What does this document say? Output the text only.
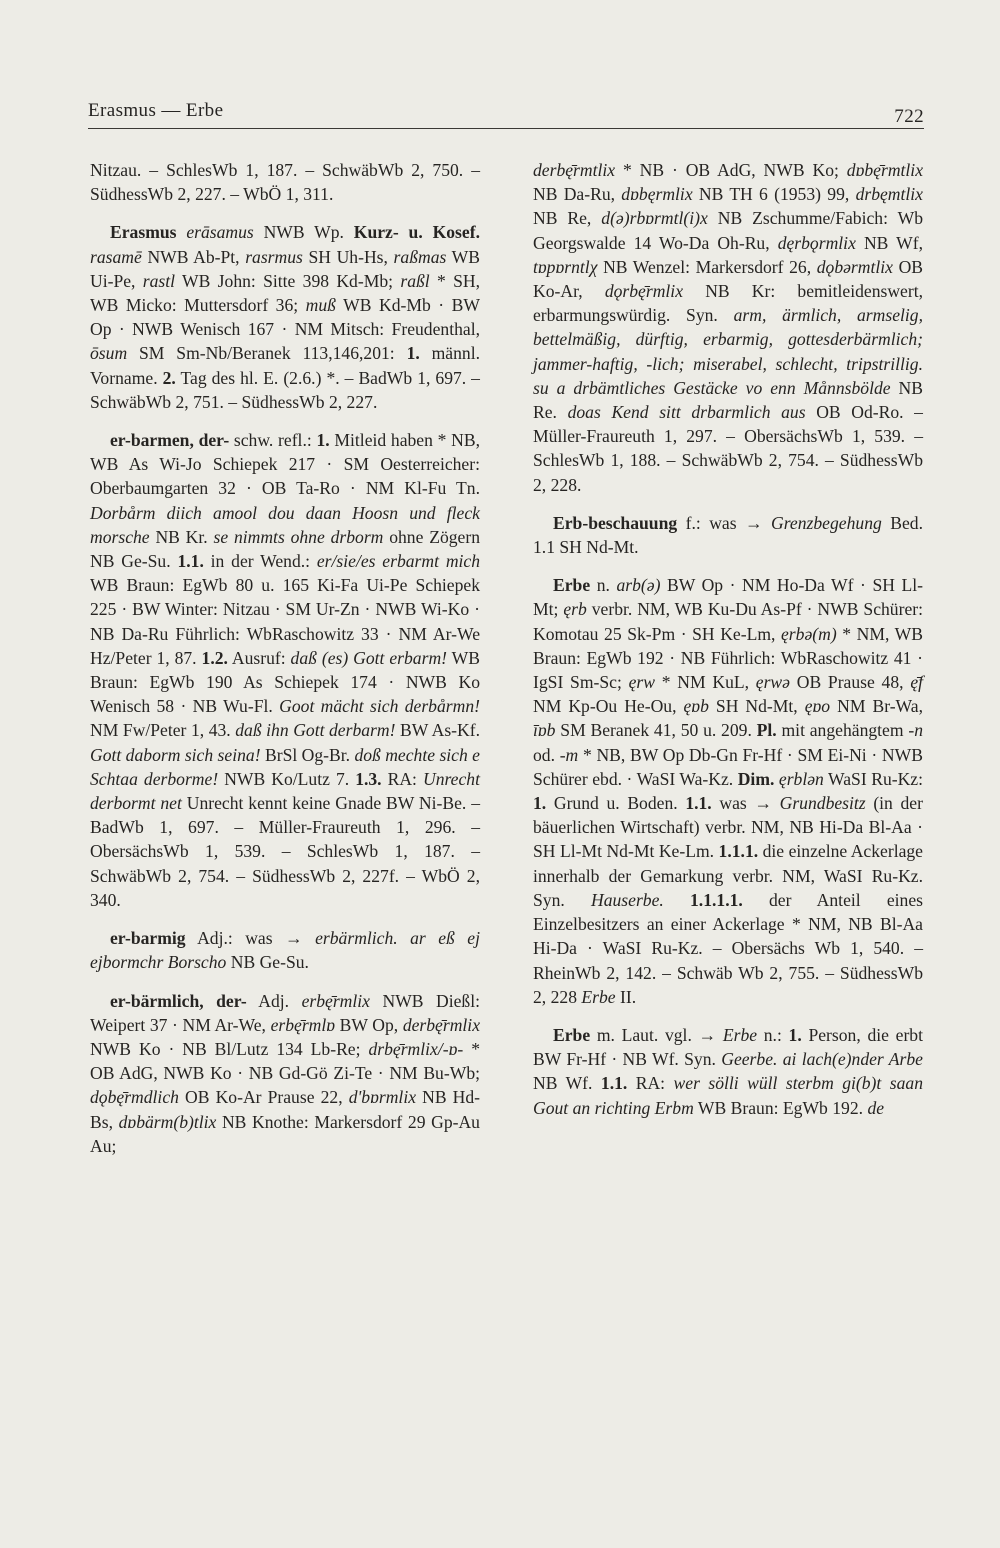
Erasmus — Erbe	722

Nitzau. – SchlesWb 1, 187. – SchwäbWb 2, 750. – SüdhessWb 2, 227. – WbÖ 1, 311.

Erasmus erāsamus NWB Wp. Kurz- u. Kosef. rasamē NWB Ab-Pt, rasrmus SH Uh-Hs, raßmas WB Ui-Pe, rastl WB John: Sitte 398 Kd-Mb; raßl * SH, WB Micko: Muttersdorf 36; muß WB Kd-Mb · BW Op · NWB Wenisch 167 · NM Mitsch: Freudenthal, ōsum SM Sm-Nb/Beranek 113,146,201: 1. männl. Vorname. 2. Tag des hl. E. (2.6.) *. – BadWb 1, 697. – SchwäbWb 2, 751. – SüdhessWb 2, 227.

er-barmen, der- schw. refl.: 1. Mitleid haben * NB, WB As Wi-Jo Schiepek 217 · SM Oesterreicher: Oberbaumgarten 32 · OB Ta-Ro · NM Kl-Fu Tn. Dorbårm diich amool dou daan Hoosn und fleck morsche NB Kr. se nimmts ohne drborm ohne Zögern NB Ge-Su. 1.1. in der Wend.: er/sie/es erbarmt mich WB Braun: EgWb 80 u. 165 Ki-Fa Ui-Pe Schiepek 225 · BW Winter: Nitzau · SM Ur-Zn · NWB Wi-Ko · NB Da-Ru Führlich: WbRaschowitz 33 · NM Ar-We Hz/Peter 1, 87. 1.2. Ausruf: daß (es) Gott erbarm! WB Braun: EgWb 190 As Schiepek 174 · NWB Ko Wenisch 58 · NB Wu-Fl. Goot mächt sich derbårmn! NM Fw/Peter 1, 43. daß ihn Gott derbarm! BW As-Kf. Gott daborm sich seina! BrSl Og-Br. doß mechte sich e Schtaa derborme! NWB Ko/Lutz 7. 1.3. RA: Unrecht derbormt net Unrecht kennt keine Gnade BW Ni-Be. – BadWb 1, 697. – Müller-Fraureuth 1, 296. – ObersächsWb 1, 539. – SchlesWb 1, 187. – SchwäbWb 2, 754. – SüdhessWb 2, 227f. – WbÖ 2, 340.

er-barmig Adj.: was → erbärmlich. ar eß ej ejbormchr Borscho NB Ge-Su.

er-bärmlich, der- Adj. erbę̄rmlix NWB Dießl: Weipert 37 · NM Ar-We, erbę̄rmlɒ BW Op, derbę̄rmlix NWB Ko · NB Bl/Lutz 134 Lb-Re; drbę̄rmlix/-ɒ- * OB AdG, NWB Ko · NB Gd-Gö Zi-Te · NM Bu-Wb; dǫbę̄rmdlich OB Ko-Ar Prause 22, d'bɒrmlix NB Hd-Bs, dɒbärm(b)tlix NB Knothe: Markersdorf 29 Gp-Au Au;

derbę̄rmtlix * NB · OB AdG, NWB Ko; dɒbę̄rmtlix NB Da-Ru, dɒbęrmlix NB TH 6 (1953) 99, drbęmtlix NB Re, d(ə)rbɒrmtl(i)x NB Zschumme/Fabich: Wb Georgswalde 14 Wo-Da Oh-Ru, dęrbǫrmlix NB Wf, tɒpɒrntlχ NB Wenzel: Markersdorf 26, dǫbərmtlix OB Ko-Ar, dǫrbę̄rmlix NB Kr: bemitleidenswert, erbarmungswürdig. Syn. arm, ärmlich, armselig, bettelmäßig, dürftig, erbarmig, gottesderbärmlich; jammer-haftig, -lich; miserabel, schlecht, tripstrillig. su a drbämtliches Gestäcke vo enn Månnsbölde NB Re. doas Kend sitt drbarmlich aus OB Od-Ro. – Müller-Fraureuth 1, 297. – ObersächsWb 1, 539. – SchlesWb 1, 188. – SchwäbWb 2, 754. – SüdhessWb 2, 228.

Erb-beschauung f.: was → Grenzbegehung Bed. 1.1 SH Nd-Mt.

Erbe n. arb(ə) BW Op · NM Ho-Da Wf · SH Ll-Mt; ęrb verbr. NM, WB Ku-Du As-Pf · NWB Schürer: Komotau 25 Sk-Pm · SH Ke-Lm, ęrbə(m) * NM, WB Braun: EgWb 192 · NB Führlich: WbRaschowitz 41 · IgSI Sm-Sc; ęrw * NM KuL, ęrwə OB Prause 48, ę̄f NM Kp-Ou He-Ou, ęɒb SH Nd-Mt, ęɒo NM Br-Wa, īɒb SM Beranek 41, 50 u. 209. Pl. mit angehängtem -n od. -m * NB, BW Op Db-Gn Fr-Hf · SM Ei-Ni · NWB Schürer ebd. · WaSI Wa-Kz. Dim. ęrblən WaSI Ru-Kz: 1. Grund u. Boden. 1.1. was → Grundbesitz (in der bäuerlichen Wirtschaft) verbr. NM, NB Hi-Da Bl-Aa · SH Ll-Mt Nd-Mt Ke-Lm. 1.1.1. die einzelne Ackerlage innerhalb der Gemarkung verbr. NM, WaSI Ru-Kz. Syn. Hauserbe. 1.1.1.1. der Anteil eines Einzelbesitzers an einer Ackerlage * NM, NB Bl-Aa Hi-Da · WaSI Ru-Kz. – Obersächs Wb 1, 540. – RheinWb 2, 142. – Schwäb Wb 2, 755. – SüdhessWb 2, 228 Erbe II.

Erbe m. Laut. vgl. → Erbe n.: 1. Person, die erbt BW Fr-Hf · NB Wf. Syn. Geerbe. ai lach(e)nder Arbe NB Wf. 1.1. RA: wer sölli wüll sterbm gi(b)t saan Gout an richting Erbm WB Braun: EgWb 192. de
